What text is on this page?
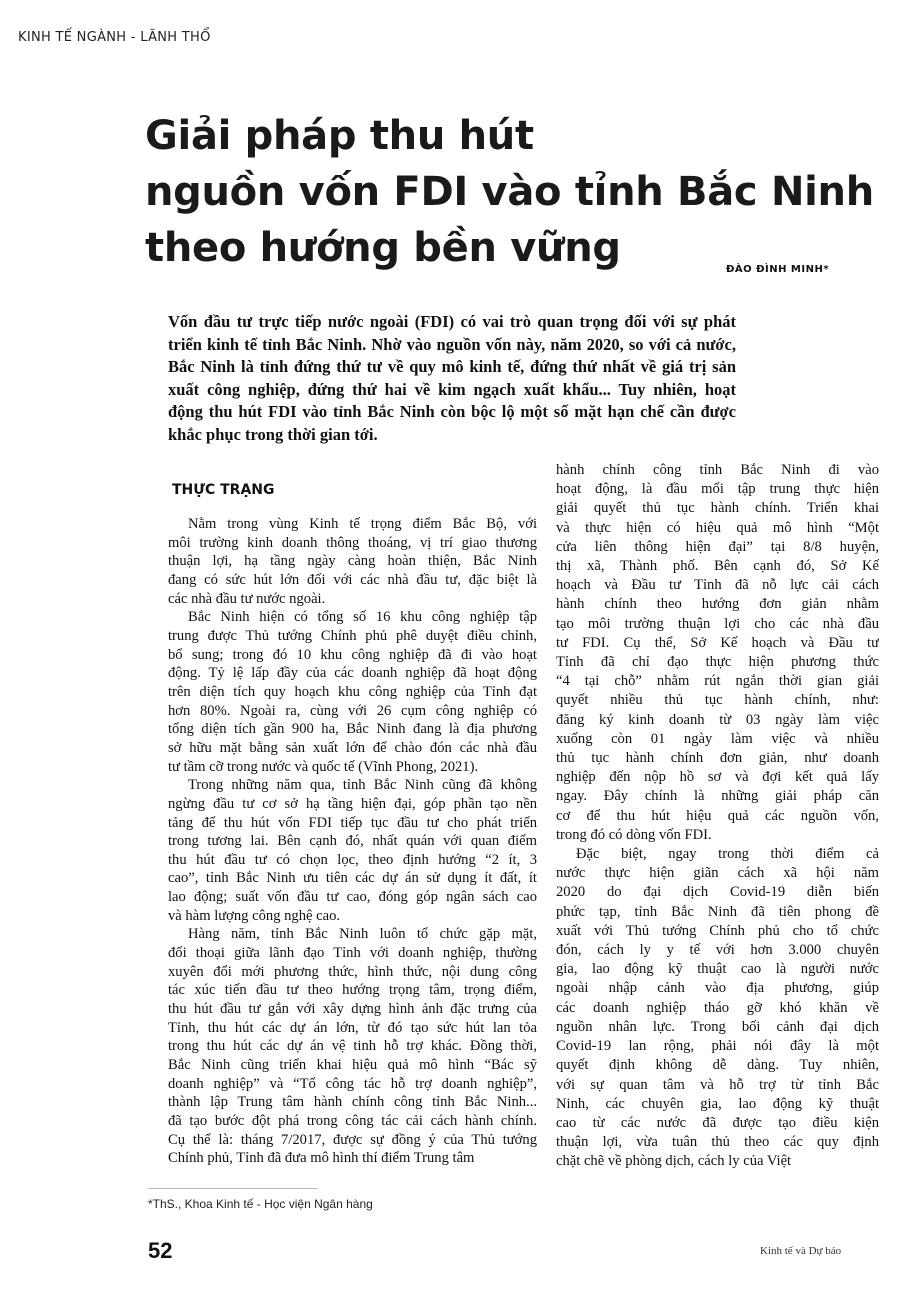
KINH TẾ NGÀNH - LÃNH THỔ
Giải pháp thu hút
nguồn vốn FDI vào tỉnh Bắc Ninh
theo hướng bền vững	ĐÀO ĐÌNH MINH*
Vốn đầu tư trực tiếp nước ngoài (FDI) có vai trò quan trọng đối với sự phát
triển kinh tế tỉnh Bắc Ninh. Nhờ vào nguồn vốn này, năm 2020, so với cả nước,
Bắc Ninh là tỉnh đứng thứ tư về quy mô kinh tế, đứng thứ nhất về giá trị sản
xuất công nghiệp, đứng thứ hai về kim ngạch xuất khẩu... Tuy nhiên, hoạt
động thu hút FDI vào tỉnh Bắc Ninh còn bộc lộ một số mặt hạn chế cần được
khắc phục trong thời gian tới.
THỰC TRẠNG
Nằm trong vùng Kinh tế trọng điểm Bắc Bộ, với
môi trường kinh doanh thông thoáng, vị trí giao thương
thuận lợi, hạ tầng ngày càng hoàn thiện, Bắc Ninh
đang có sức hút lớn đối với các nhà đầu tư, đặc biệt là
các nhà đầu tư nước ngoài.
Bắc Ninh hiện có tổng số 16 khu công nghiệp tập
trung được Thủ tướng Chính phủ phê duyệt điều chỉnh,
bổ sung; trong đó 10 khu công nghiệp đã đi vào hoạt
động. Tỷ lệ lấp đầy của các doanh nghiệp đã hoạt động
trên diện tích quy hoạch khu công nghiệp của Tỉnh đạt
hơn 80%. Ngoài ra, cùng với 26 cụm công nghiệp có
tổng diện tích gần 900 ha, Bắc Ninh đang là địa phương
sở hữu mặt bằng sản xuất lớn để chào đón các nhà đầu
tư tầm cỡ trong nước và quốc tế (Vĩnh Phong, 2021).
Trong những năm qua, tỉnh Bắc Ninh cũng đã không
ngừng đầu tư cơ sở hạ tầng hiện đại, góp phần tạo nền
tảng để thu hút vốn FDI tiếp tục đầu tư cho phát triển
trong tương lai. Bên cạnh đó, nhất quán với quan điểm
thu hút đầu tư có chọn lọc, theo định hướng “2 ít, 3
cao”, tỉnh Bắc Ninh ưu tiên các dự án sử dụng ít đất, ít
lao động; suất vốn đầu tư cao, đóng góp ngân sách cao
và hàm lượng công nghệ cao.
Hàng năm, tỉnh Bắc Ninh luôn tổ chức gặp mặt,
đối thoại giữa lãnh đạo Tỉnh với doanh nghiệp, thường
xuyên đổi mới phương thức, hình thức, nội dung công
tác xúc tiến đầu tư theo hướng trọng tâm, trọng điểm,
thu hút đầu tư gắn với xây dựng hình ảnh đặc trưng của
Tỉnh, thu hút các dự án lớn, từ đó tạo sức hút lan tỏa
trong thu hút các dự án vệ tinh hỗ trợ khác. Đồng thời,
Bắc Ninh cũng triển khai hiệu quả mô hình “Bác sỹ
doanh nghiệp” và “Tổ công tác hỗ trợ doanh nghiệp”,
thành lập Trung tâm hành chính công tỉnh Bắc Ninh...
đã tạo bước đột phá trong công tác cải cách hành chính.
Cụ thể là: tháng 7/2017, được sự đồng ý của Thủ tướng
Chính phủ, Tỉnh đã đưa mô hình thí điểm Trung tâm
hành chính công tỉnh Bắc Ninh đi vào
hoạt động, là đầu mối tập trung thực hiện
giải quyết thủ tục hành chính. Triển khai
và thực hiện có hiệu quả mô hình “Một
cửa liên thông hiện đại” tại 8/8 huyện,
thị xã, Thành phố. Bên cạnh đó, Sở Kế
hoạch và Đầu tư Tỉnh đã nỗ lực cải cách
hành chính theo hướng đơn giản nhằm
tạo môi trường thuận lợi cho các nhà đầu
tư FDI. Cụ thể, Sở Kế hoạch và Đầu tư
Tỉnh đã chỉ đạo thực hiện phương thức
“4 tại chỗ” nhằm rút ngắn thời gian giải
quyết nhiều thủ tục hành chính, như:
đăng ký kinh doanh từ 03 ngày làm việc
xuống còn 01 ngày làm việc và nhiều
thủ tục hành chính đơn giản, như doanh
nghiệp đến nộp hồ sơ và đợi kết quả lấy
ngay. Đây chính là những giải pháp căn
cơ để thu hút hiệu quả các nguồn vốn,
trong đó có dòng vốn FDI.
Đặc biệt, ngay trong thời điểm cả
nước thực hiện giãn cách xã hội năm
2020 do đại dịch Covid-19 diễn biến
phức tạp, tỉnh Bắc Ninh đã tiên phong đề
xuất với Thủ tướng Chính phủ cho tổ chức
đón, cách ly y tế với hơn 3.000 chuyên
gia, lao động kỹ thuật cao là người nước
ngoài nhập cảnh vào địa phương, giúp
các doanh nghiệp tháo gỡ khó khăn về
nguồn nhân lực. Trong bối cảnh đại dịch
Covid-19 lan rộng, phải nói đây là một
quyết định không dễ dàng. Tuy nhiên,
với sự quan tâm và hỗ trợ từ tỉnh Bắc
Ninh, các chuyên gia, lao động kỹ thuật
cao từ các nước đã được tạo điều kiện
thuận lợi, vừa tuân thủ theo các quy định
chặt chẽ về phòng dịch, cách ly của Việt
*ThS., Khoa Kinh tế - Học viện Ngân hàng
52	Kinh tế và Dự báo
